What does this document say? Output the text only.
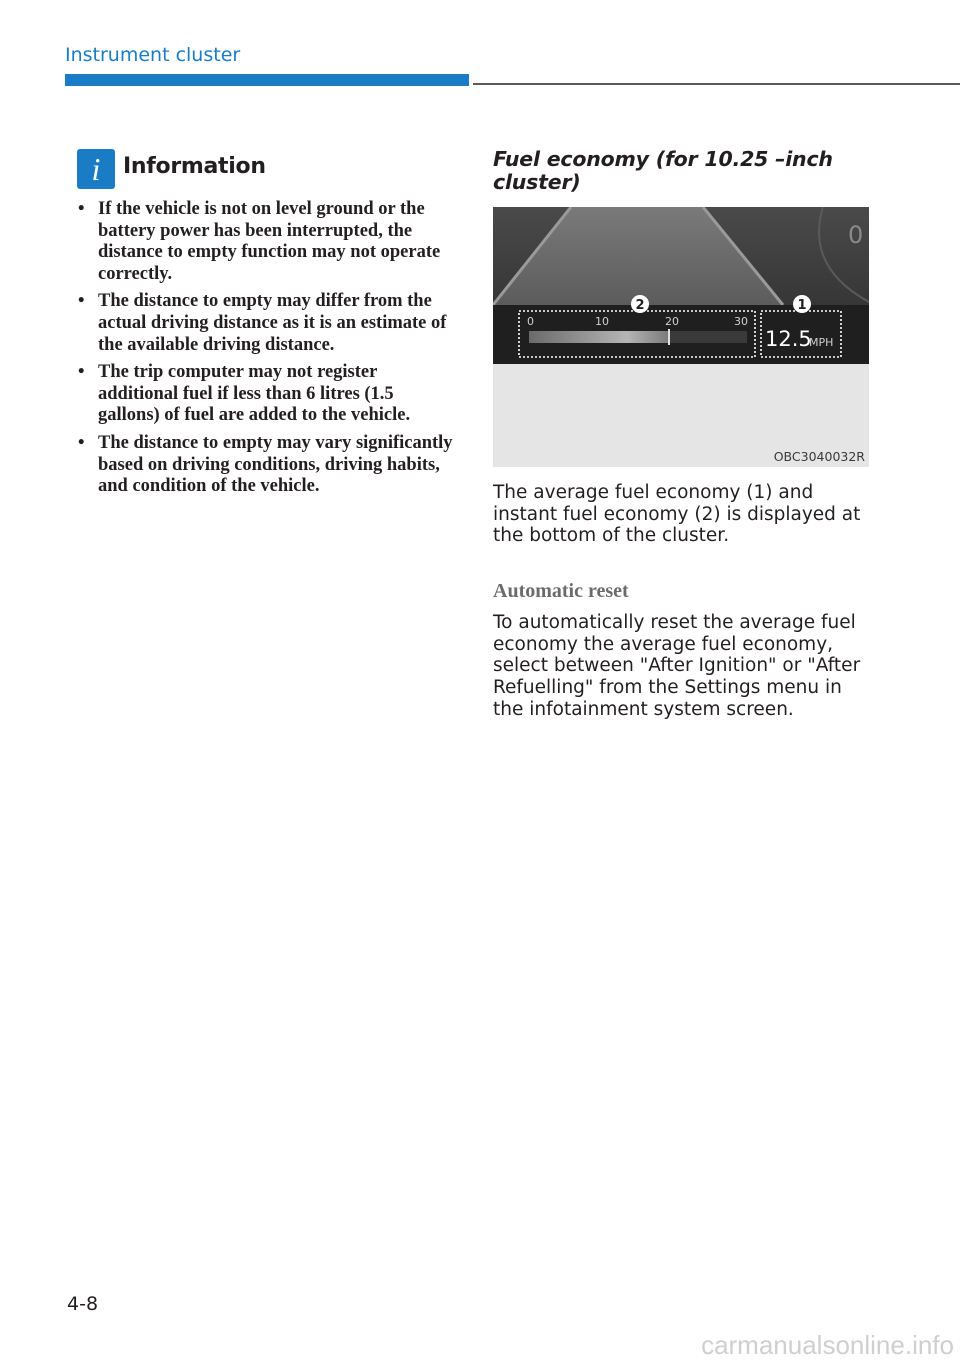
Instrument cluster
i Information
• If the vehicle is not on level ground or the battery power has been interrupted, the distance to empty function may not operate correctly.
• The distance to empty may differ from the actual driving distance as it is an estimate of the available driving distance.
• The trip computer may not register additional fuel if less than 6 litres (1.5 gallons) of fuel are added to the vehicle.
• The distance to empty may vary significantly based on driving conditions, driving habits, and condition of the vehicle.
Fuel economy (for 10.25 –inch cluster)
0
0	10	20	30
12.5
MPH
2	1
OBC3040032R
The average fuel economy (1) and instant fuel economy (2) is displayed at the bottom of the cluster.
Automatic reset
To automatically reset the average fuel economy the average fuel economy, select between "After Ignition" or "After Refuelling" from the Settings menu in the infotainment system screen.
4-8
carmanualsonline.info
